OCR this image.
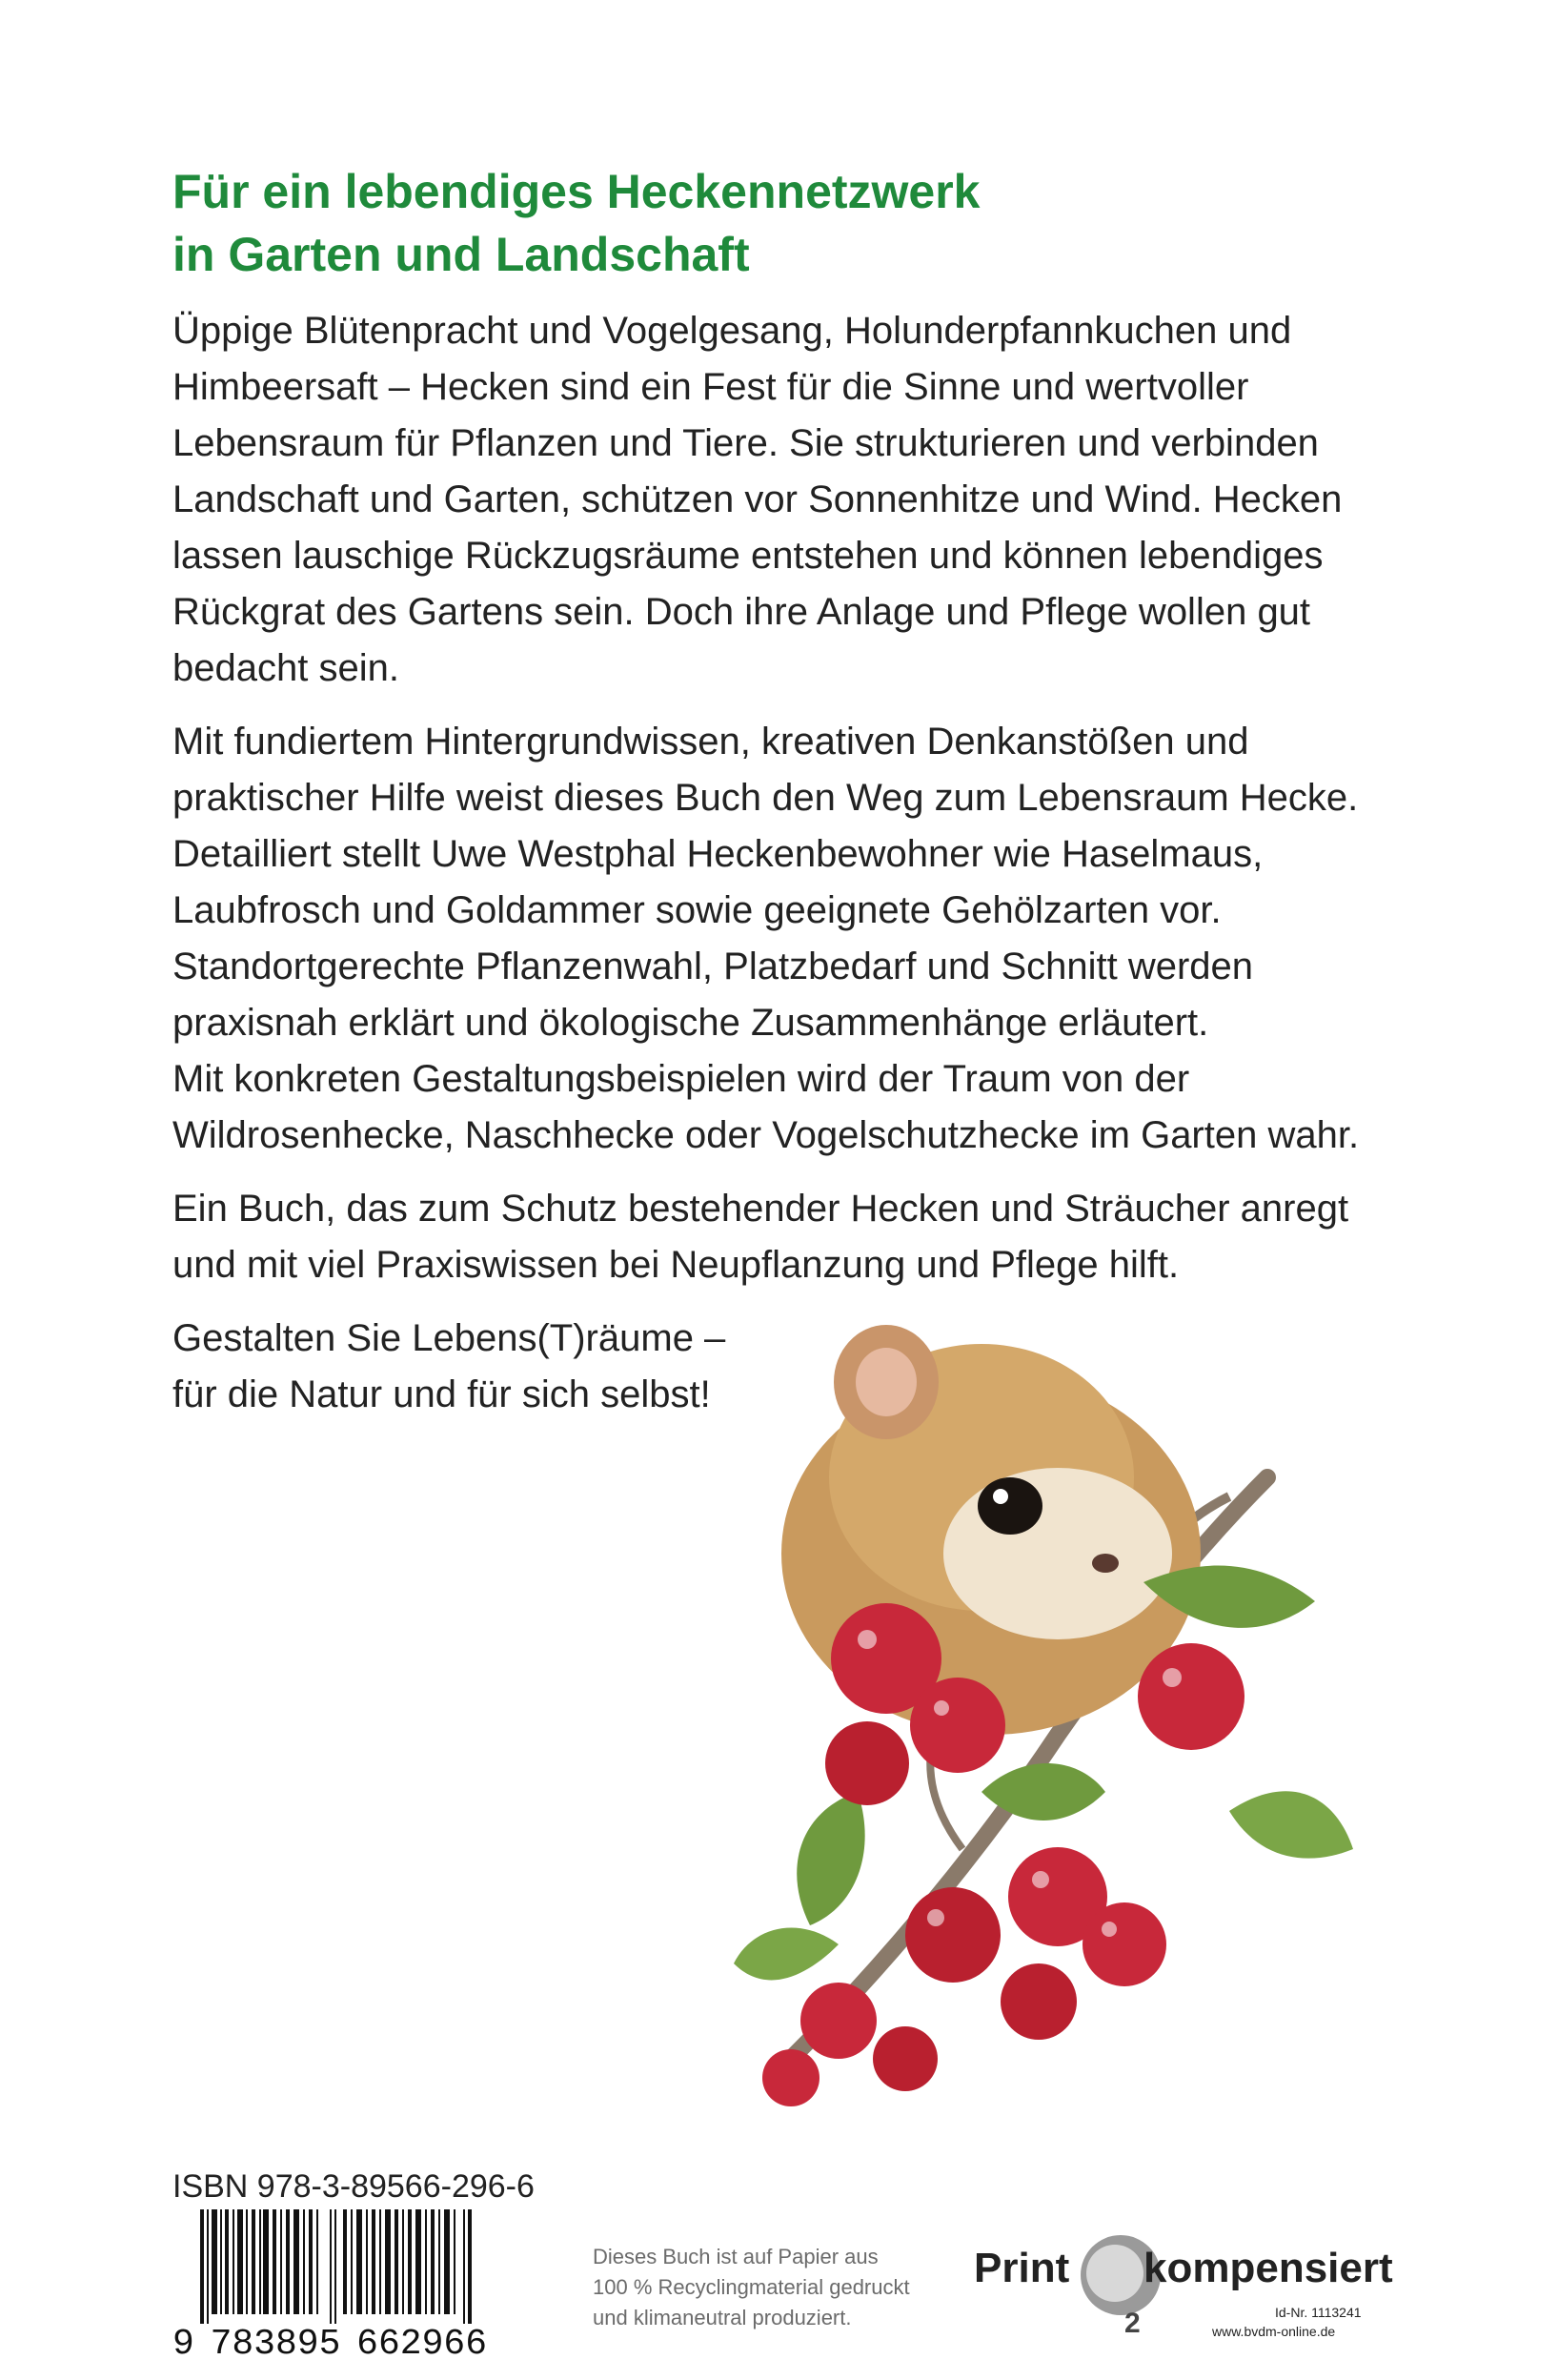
Für ein lebendiges Heckennetzwerk
in Garten und Landschaft

Üppige Blütenpracht und Vogelgesang, Holunderpfannkuchen und
Himbeersaft – Hecken sind ein Fest für die Sinne und wertvoller
Lebensraum für Pflanzen und Tiere. Sie strukturieren und verbinden
Landschaft und Garten, schützen vor Sonnenhitze und Wind. Hecken
lassen lauschige Rückzugsräume entstehen und können lebendiges
Rückgrat des Gartens sein. Doch ihre Anlage und Pflege wollen gut
bedacht sein.

Mit fundiertem Hintergrundwissen, kreativen Denkanstößen und
praktischer Hilfe weist dieses Buch den Weg zum Lebensraum Hecke.
Detailliert stellt Uwe Westphal Heckenbewohner wie Haselmaus,
Laubfrosch und Goldammer sowie geeignete Gehölzarten vor.
Standortgerechte Pflanzenwahl, Platzbedarf und Schnitt werden
praxisnah erklärt und ökologische Zusammenhänge erläutert.
Mit konkreten Gestaltungsbeispielen wird der Traum von der
Wildrosenhecke, Naschhecke oder Vogelschutzhecke im Garten wahr.

Ein Buch, das zum Schutz bestehender Hecken und Sträucher anregt
und mit viel Praxiswissen bei Neupflanzung und Pflege hilft.

Gestalten Sie Lebens(T)räume –
für die Natur und für sich selbst!

ISBN 978-3-89566-296-6
9 783895 662966
Dieses Buch ist auf Papier aus
100 % Recyclingmaterial gedruckt
und klimaneutral produziert.	2
Print kompensiert
Id-Nr. 1113241
www.bvdm-online.de
